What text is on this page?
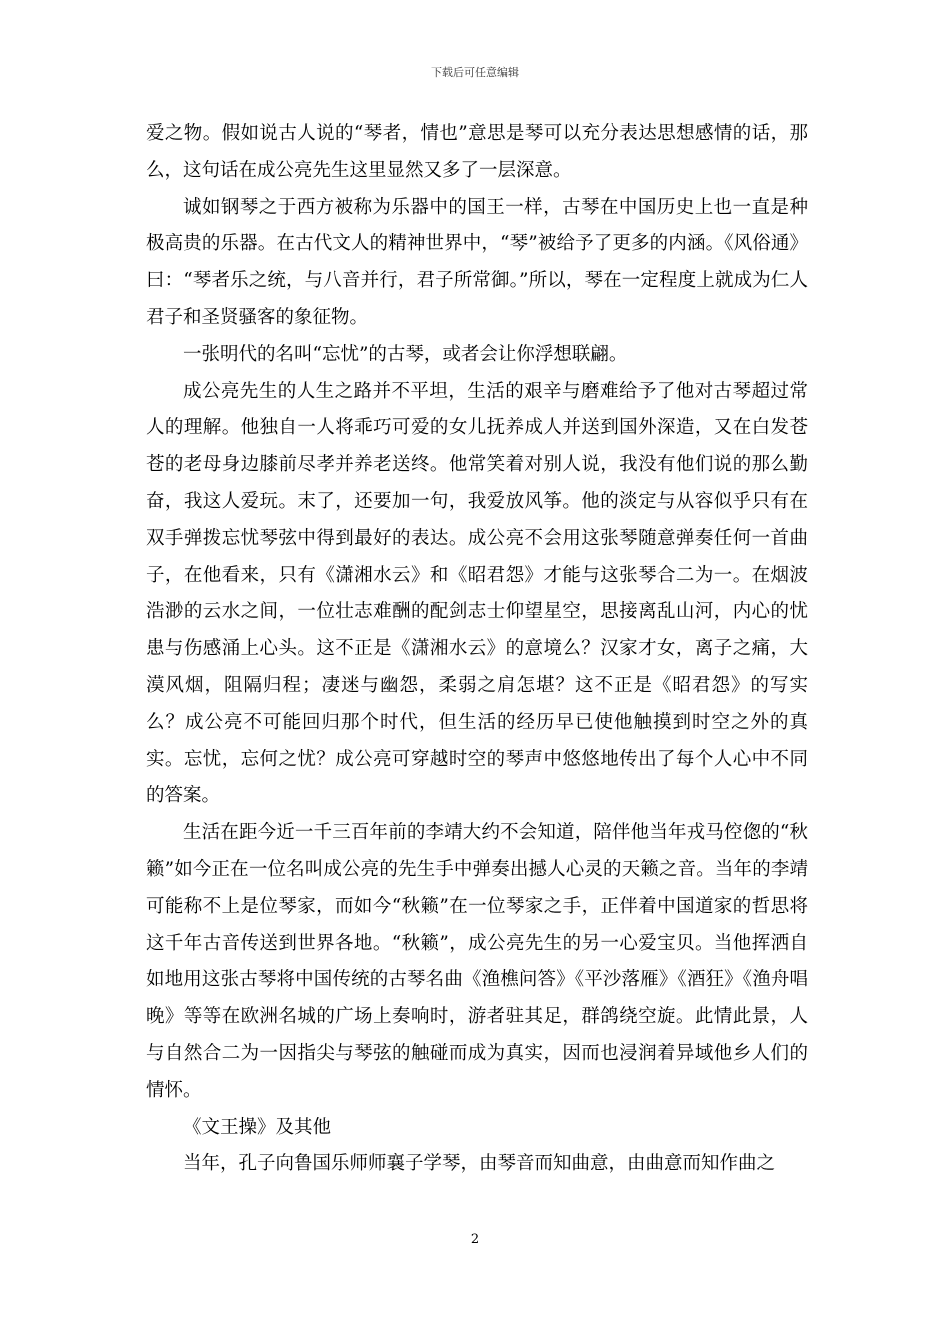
下载后可任意编辑

爱之物。假如说古人说的“琴者，情也”意思是琴可以充分表达思想感情的话，那么，这句话在成公亮先生这里显然又多了一层深意。

诚如钢琴之于西方被称为乐器中的国王一样，古琴在中国历史上也一直是种极高贵的乐器。在古代文人的精神世界中，“琴”被给予了更多的内涵。《风俗通》曰：“琴者乐之统，与八音并行，君子所常御。”所以，琴在一定程度上就成为仁人君子和圣贤骚客的象征物。

一张明代的名叫“忘忧”的古琴，或者会让你浮想联翩。

成公亮先生的人生之路并不平坦，生活的艰辛与磨难给予了他对古琴超过常人的理解。他独自一人将乖巧可爱的女儿抚养成人并送到国外深造，又在白发苍苍的老母身边膝前尽孝并养老送终。他常笑着对别人说，我没有他们说的那么勤奋，我这人爱玩。末了，还要加一句，我爱放风筝。他的淡定与从容似乎只有在双手弹拨忘忧琴弦中得到最好的表达。成公亮不会用这张琴随意弹奏任何一首曲子，在他看来，只有《潇湘水云》和《昭君怨》才能与这张琴合二为一。在烟波浩渺的云水之间，一位壮志难酬的配剑志士仰望星空，思接离乱山河，内心的忧患与伤感涌上心头。这不正是《潇湘水云》的意境么？汉家才女，离子之痛，大漠风烟，阻隔归程；凄迷与幽怨，柔弱之肩怎堪？这不正是《昭君怨》的写实么？成公亮不可能回归那个时代，但生活的经历早已使他触摸到时空之外的真实。忘忧，忘何之忧？成公亮可穿越时空的琴声中悠悠地传出了每个人心中不同的答案。

生活在距今近一千三百年前的李靖大约不会知道，陪伴他当年戎马倥偬的“秋籁”如今正在一位名叫成公亮的先生手中弹奏出撼人心灵的天籁之音。当年的李靖可能称不上是位琴家，而如今“秋籁”在一位琴家之手，正伴着中国道家的哲思将这千年古音传送到世界各地。“秋籁”，成公亮先生的另一心爱宝贝。当他挥洒自如地用这张古琴将中国传统的古琴名曲《渔樵问答》《平沙落雁》《酒狂》《渔舟唱晚》等等在欧洲名城的广场上奏响时，游者驻其足，群鸽绕空旋。此情此景，人与自然合二为一因指尖与琴弦的触碰而成为真实，因而也浸润着异域他乡人们的情怀。

《文王操》及其他

当年，孔子向鲁国乐师师襄子学琴，由琴音而知曲意，由曲意而知作曲之

2
